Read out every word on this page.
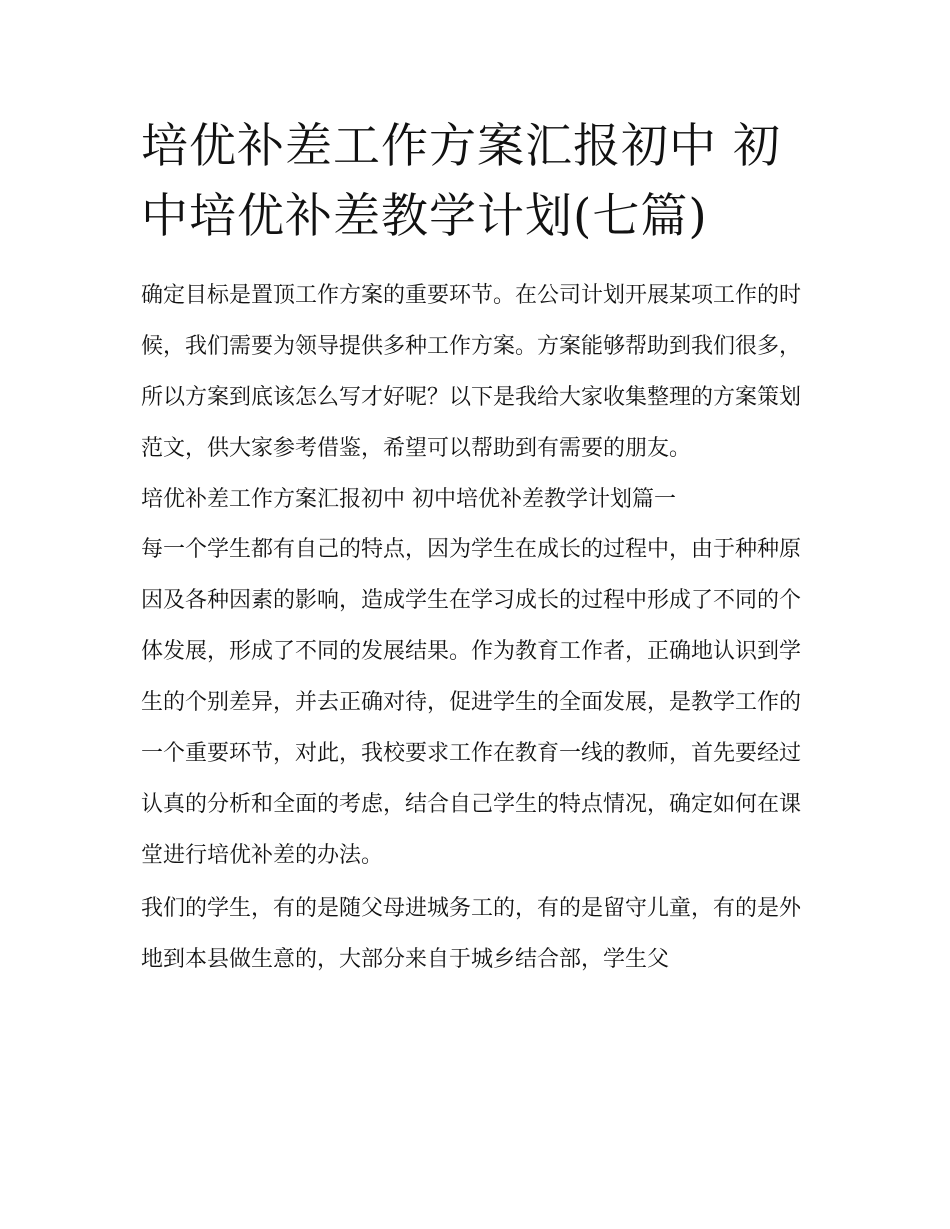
培优补差工作方案汇报初中 初中培优补差教学计划(七篇)

确定目标是置顶工作方案的重要环节。在公司计划开展某项工作的时候，我们需要为领导提供多种工作方案。方案能够帮助到我们很多，所以方案到底该怎么写才好呢？以下是我给大家收集整理的方案策划范文，供大家参考借鉴，希望可以帮助到有需要的朋友。

培优补差工作方案汇报初中 初中培优补差教学计划篇一

每一个学生都有自己的特点，因为学生在成长的过程中，由于种种原因及各种因素的影响，造成学生在学习成长的过程中形成了不同的个体发展，形成了不同的发展结果。作为教育工作者，正确地认识到学生的个别差异，并去正确对待，促进学生的全面发展，是教学工作的一个重要环节，对此，我校要求工作在教育一线的教师，首先要经过认真的分析和全面的考虑，结合自己学生的特点情况，确定如何在课堂进行培优补差的办法。

我们的学生，有的是随父母进城务工的，有的是留守儿童，有的是外地到本县做生意的，大部分来自于城乡结合部，学生父
